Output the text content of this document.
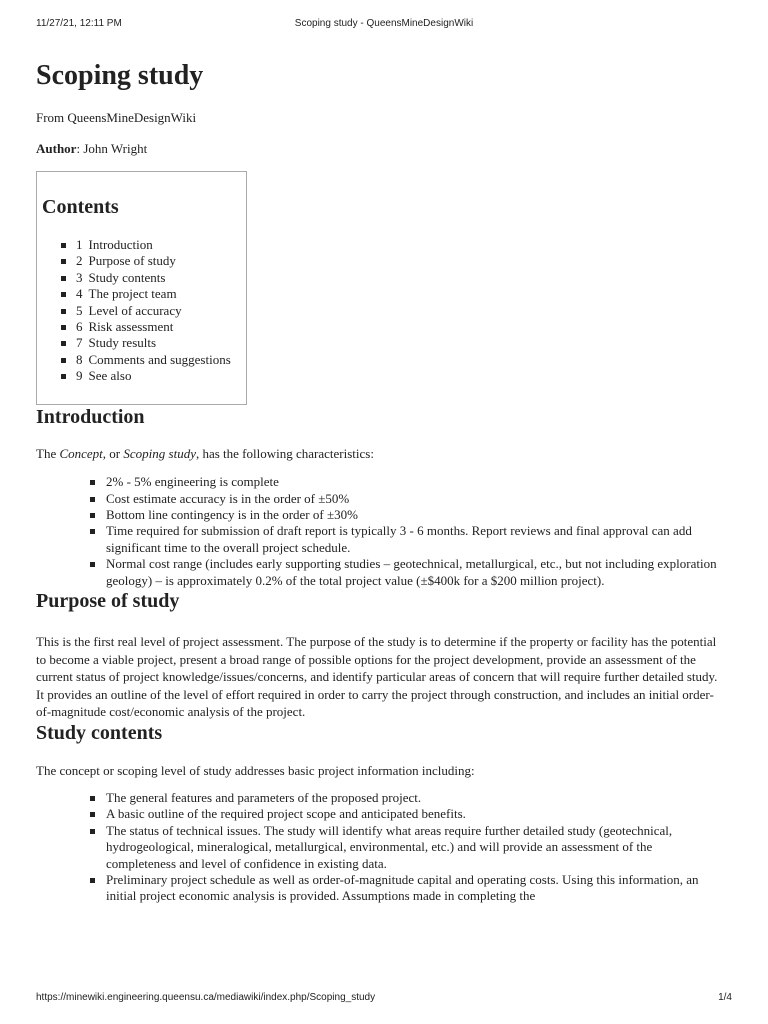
11/27/21, 12:11 PM	Scoping study - QueensMineDesignWiki
Scoping study

From QueensMineDesignWiki

Author: John Wright

Contents
1 Introduction
2 Purpose of study
3 Study contents
4 The project team
5 Level of accuracy
6 Risk assessment
7 Study results
8 Comments and suggestions
9 See also
Introduction

The Concept, or Scoping study, has the following characteristics:

2% - 5% engineering is complete
Cost estimate accuracy is in the order of ±50%
Bottom line contingency is in the order of ±30%
Time required for submission of draft report is typically 3 - 6 months. Report reviews and final approval can add significant time to the overall project schedule.
Normal cost range (includes early supporting studies – geotechnical, metallurgical, etc., but not including exploration geology) – is approximately 0.2% of the total project value (±$400k for a $200 million project).
Purpose of study

This is the first real level of project assessment. The purpose of the study is to determine if the property or facility has the potential to become a viable project, present a broad range of possible options for the project development, provide an assessment of the current status of project knowledge/issues/concerns, and identify particular areas of concern that will require further detailed study. It provides an outline of the level of effort required in order to carry the project through construction, and includes an initial order-of-magnitude cost/economic analysis of the project.

Study contents

The concept or scoping level of study addresses basic project information including:

The general features and parameters of the proposed project.
A basic outline of the required project scope and anticipated benefits.
The status of technical issues. The study will identify what areas require further detailed study (geotechnical, hydrogeological, mineralogical, metallurgical, environmental, etc.) and will provide an assessment of the completeness and level of confidence in existing data.
Preliminary project schedule as well as order-of-magnitude capital and operating costs. Using this information, an initial project economic analysis is provided. Assumptions made in completing the
https://minewiki.engineering.queensu.ca/mediawiki/index.php/Scoping_study	1/4
